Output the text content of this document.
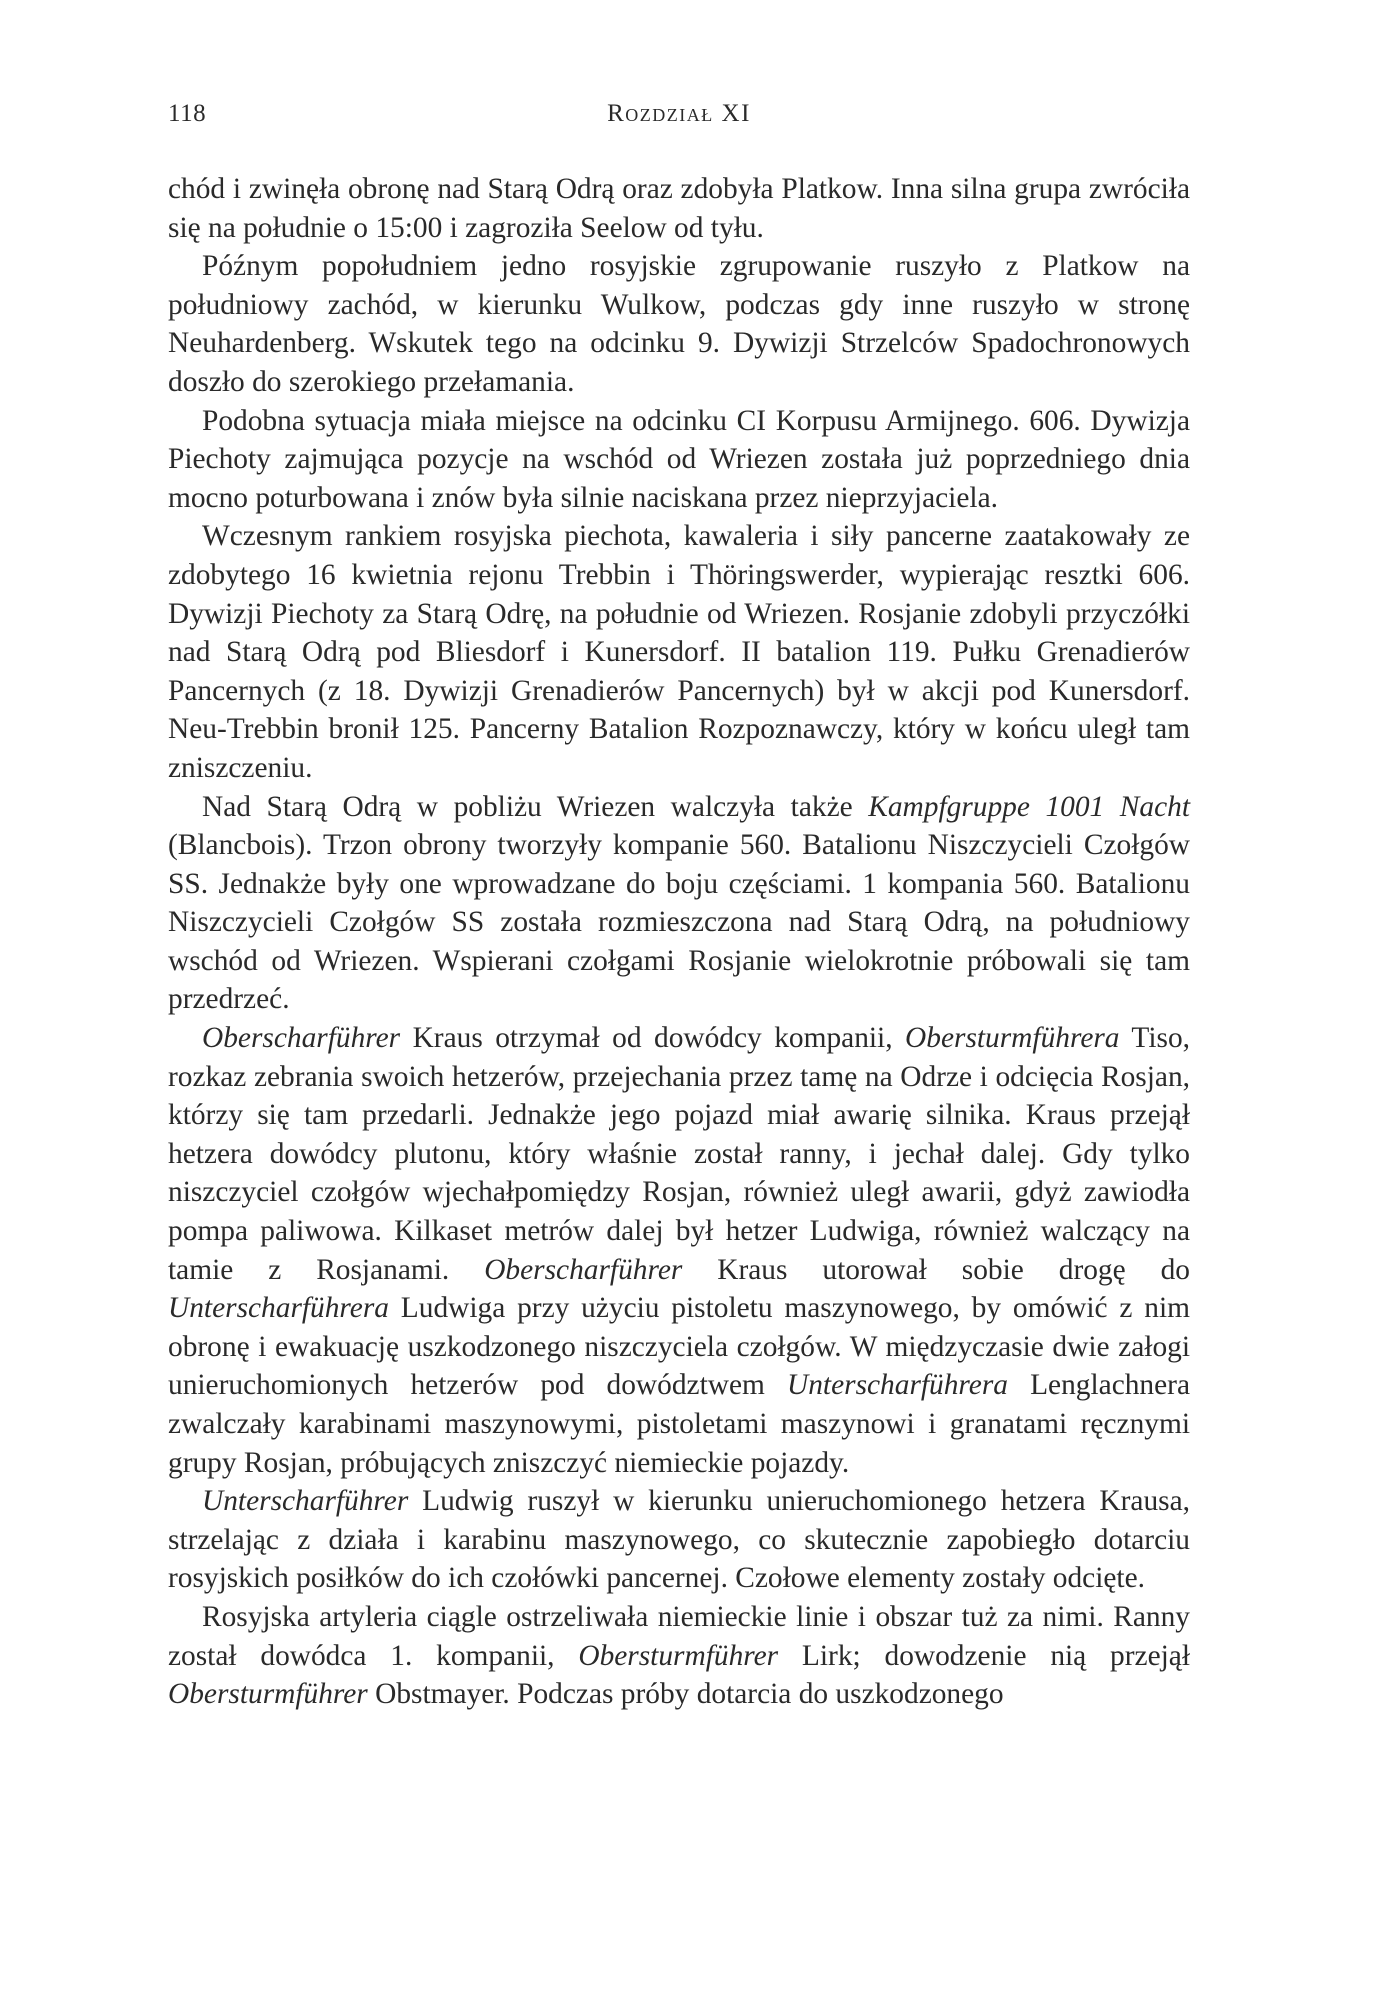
118	Rozdział XI

chód i zwinęła obronę nad Starą Odrą oraz zdobyła Platkow. Inna silna grupa zwróciła się na południe o 15:00 i zagroziła Seelow od tyłu.

Późnym popołudniem jedno rosyjskie zgrupowanie ruszyło z Platkow na południowy zachód, w kierunku Wulkow, podczas gdy inne ruszyło w stronę Neuhardenberg. Wskutek tego na odcinku 9. Dywizji Strzelców Spadochronowych doszło do szerokiego przełamania.

Podobna sytuacja miała miejsce na odcinku CI Korpusu Armijnego. 606. Dywizja Piechoty zajmująca pozycje na wschód od Wriezen została już poprzedniego dnia mocno poturbowana i znów była silnie naciskana przez nieprzyjaciela.

Wczesnym rankiem rosyjska piechota, kawaleria i siły pancerne zaatakowały ze zdobytego 16 kwietnia rejonu Trebbin i Thöringswerder, wypierając resztki 606. Dywizji Piechoty za Starą Odrę, na południe od Wriezen. Rosjanie zdobyli przyczółki nad Starą Odrą pod Bliesdorf i Kunersdorf. II batalion 119. Pułku Grenadierów Pancernych (z 18. Dywizji Grenadierów Pancernych) był w akcji pod Kunersdorf. Neu-Trebbin bronił 125. Pancerny Batalion Rozpoznawczy, który w końcu uległ tam zniszczeniu.

Nad Starą Odrą w pobliżu Wriezen walczyła także Kampfgruppe 1001 Nacht (Blancbois). Trzon obrony tworzyły kompanie 560. Batalionu Niszczycieli Czołgów SS. Jednakże były one wprowadzane do boju częściami. 1 kompania 560. Batalionu Niszczycieli Czołgów SS została rozmieszczona nad Starą Odrą, na południowy wschód od Wriezen. Wspierani czołgami Rosjanie wielokrotnie próbowali się tam przedrzeć.

Oberscharführer Kraus otrzymał od dowódcy kompanii, Obersturmführera Tiso, rozkaz zebrania swoich hetzerów, przejechania przez tamę na Odrze i odcięcia Rosjan, którzy się tam przedarli. Jednakże jego pojazd miał awarię silnika. Kraus przejął hetzera dowódcy plutonu, który właśnie został ranny, i jechał dalej. Gdy tylko niszczyciel czołgów wjechałpomiędzy Rosjan, również uległ awarii, gdyż zawiodła pompa paliwowa. Kilkaset metrów dalej był hetzer Ludwiga, również walczący na tamie z Rosjanami. Oberscharführer Kraus utorował sobie drogę do Unterscharführera Ludwiga przy użyciu pistoletu maszynowego, by omówić z nim obronę i ewakuację uszkodzonego niszczyciela czołgów. W międzyczasie dwie załogi unieruchomionych hetzerów pod dowództwem Unterscharführera Lenglachnera zwalczały karabinami maszynowymi, pistoletami maszynowi i granatami ręcznymi grupy Rosjan, próbujących zniszczyć niemieckie pojazdy.

Unterscharführer Ludwig ruszył w kierunku unieruchomionego hetzera Krausa, strzelając z działa i karabinu maszynowego, co skutecznie zapobiegło dotarciu rosyjskich posiłków do ich czołówki pancernej. Czołowe elementy zostały odcięte.

Rosyjska artyleria ciągle ostrzeliwała niemieckie linie i obszar tuż za nimi. Ranny został dowódca 1. kompanii, Obersturmführer Lirk; dowodzenie nią przejął Obersturmführer Obstmayer. Podczas próby dotarcia do uszkodzonego
